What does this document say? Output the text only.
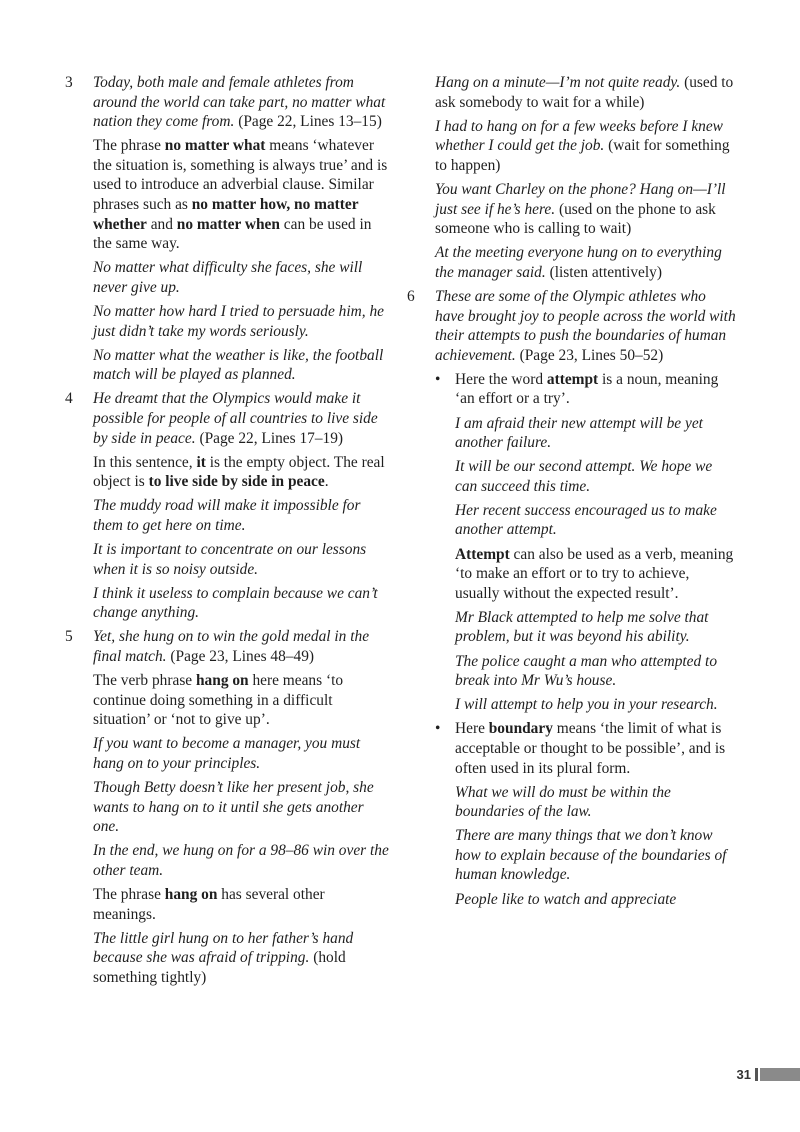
3 Today, both male and female athletes from around the world can take part, no matter what nation they come from. (Page 22, Lines 13–15)

The phrase no matter what means ‘whatever the situation is, something is always true’ and is used to introduce an adverbial clause. Similar phrases such as no matter how, no matter whether and no matter when can be used in the same way.

No matter what difficulty she faces, she will never give up.

No matter how hard I tried to persuade him, he just didn’t take my words seriously.

No matter what the weather is like, the football match will be played as planned.

4 He dreamt that the Olympics would make it possible for people of all countries to live side by side in peace. (Page 22, Lines 17–19)

In this sentence, it is the empty object. The real object is to live side by side in peace.

The muddy road will make it impossible for them to get here on time.

It is important to concentrate on our lessons when it is so noisy outside.

I think it useless to complain because we can’t change anything.

5 Yet, she hung on to win the gold medal in the final match. (Page 23, Lines 48–49)

The verb phrase hang on here means ‘to continue doing something in a difficult situation’ or ‘not to give up’.

If you want to become a manager, you must hang on to your principles.

Though Betty doesn’t like her present job, she wants to hang on to it until she gets another one.

In the end, we hung on for a 98–86 win over the other team.

The phrase hang on has several other meanings.

The little girl hung on to her father’s hand because she was afraid of tripping. (hold something tightly)

Hang on a minute—I’m not quite ready. (used to ask somebody to wait for a while)

I had to hang on for a few weeks before I knew whether I could get the job. (wait for something to happen)

You want Charley on the phone? Hang on—I’ll just see if he’s here. (used on the phone to ask someone who is calling to wait)

At the meeting everyone hung on to everything the manager said. (listen attentively)

6 These are some of the Olympic athletes who have brought joy to people across the world with their attempts to push the boundaries of human achievement. (Page 23, Lines 50–52)

• Here the word attempt is a noun, meaning ‘an effort or a try’.

I am afraid their new attempt will be yet another failure.

It will be our second attempt. We hope we can succeed this time.

Her recent success encouraged us to make another attempt.

Attempt can also be used as a verb, meaning ‘to make an effort or to try to achieve, usually without the expected result’.

Mr Black attempted to help me solve that problem, but it was beyond his ability.

The police caught a man who attempted to break into Mr Wu’s house.

I will attempt to help you in your research.

• Here boundary means ‘the limit of what is acceptable or thought to be possible’, and is often used in its plural form.

What we will do must be within the boundaries of the law.

There are many things that we don’t know how to explain because of the boundaries of human knowledge.

People like to watch and appreciate

31
